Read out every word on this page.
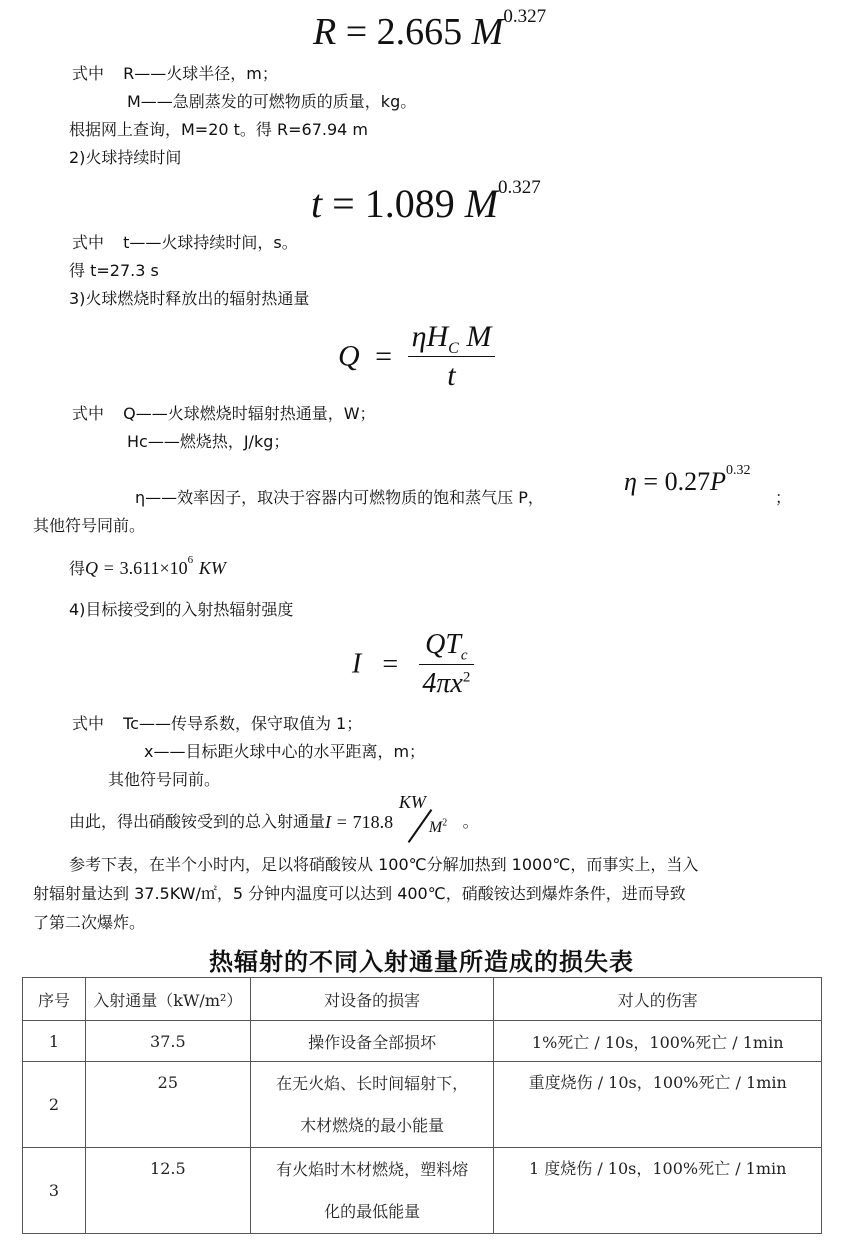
R = 2.665 $M^{0.327}$
式中 R——火球半径，m；
M——急剧蒸发的可燃物质的质量，kg。
根据网上查询，M=20 t。得 R=67.94 m
2)火球持续时间
t = 1.089 $M^{0.327}$
式中 t——火球持续时间，s。
得 t=27.3 s
3)火球燃烧时释放出的辐射热通量
$Q = \frac{\eta H_C M}{t}$
式中 Q——火球燃烧时辐射热通量，W；
Hc——燃烧热，J/kg；
η——效率因子，取决于容器内可燃物质的饱和蒸气压 P，
$\eta = 0.27P^{0.32}$
；
其他符号同前。
得$Q = 3.611\times 10^6$ KW
4)目标接受到的入射热辐射强度
$I = \frac{QT_c}{4\pi x^2}$
式中 Tc——传导系数，保守取值为 1；
x——目标距火球中心的水平距离，m；
其他符号同前。
由此，得出硝酸铵受到的总入射通量I = 718.8
KW
$M^2$ 。
参考下表，在半个小时内，足以将硝酸铵从 100℃分解加热到 1000℃，而事实上，当入
射辐射量达到 37.5KW/㎡，5 分钟内温度可以达到 400℃，硝酸铵达到爆炸条件，进而导致
了第二次爆炸。
热辐射的不同入射通量所造成的损失表
序号	入射通量（kW/m²）	对设备的损害	对人的伤害
1	37.5	操作设备全部损坏	1%死亡 / 10s，100%死亡 / 1min
2	25	在无火焰、长时间辐射下，
木材燃烧的最小能量	重度烧伤 / 10s，100%死亡 / 1min
3	12.5	有火焰时木材燃烧，塑料熔
化的最低能量	1 度烧伤 / 10s，100%死亡 / 1min
